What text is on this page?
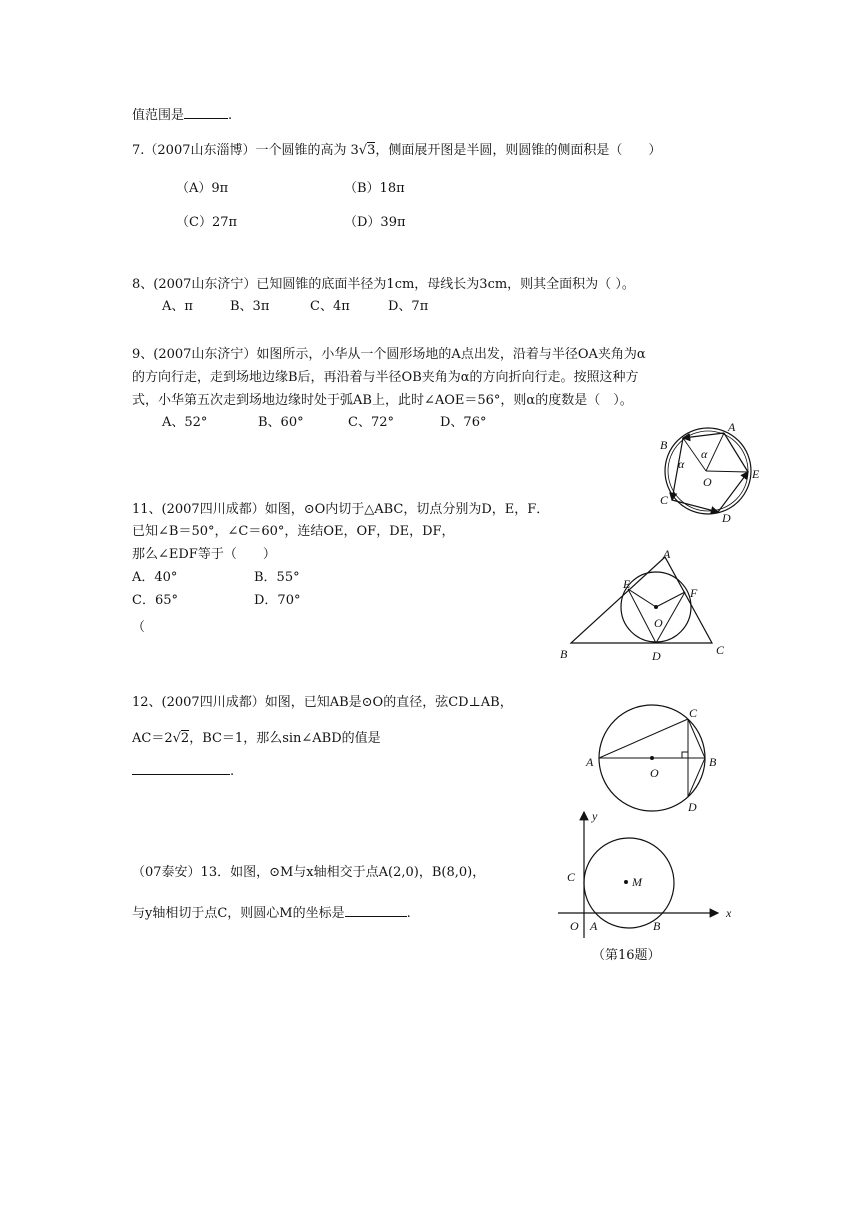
值范围是	.
7.（2007山东淄博）一个圆锥的高为 3√3，侧面展开图是半圆，则圆锥的侧面积是（　　）
（A）9π	（B）18π
（C）27π	（D）39π
8、(2007山东济宁）已知圆锥的底面半径为1cm，母线长为3cm，则其全面积为（ ）。
A、π	B、3π	C、4π	D、7π
9、(2007山东济宁）如图所示，小华从一个圆形场地的A点出发，沿着与半径OA夹角为α
的方向行走，走到场地边缘B后，再沿着与半径OB夹角为α的方向折向行走。按照这种方
式，小华第五次走到场地边缘时处于弧AB上，此时∠AOE＝56°，则α的度数是（　）。
A、52°	B、60°	C、72°	D、76°	A
B
C
D
E
O
α
α
11、(2007四川成都）如图，⊙O内切于△ABC，切点分别为D，E，F．
已知∠B＝50°，∠C＝60°，连结OE，OF，DE，DF，
那么∠EDF等于（　　）
A．40°	B．55°
C．65°	D．70°
（
A
B	C
D
E
F
O
12、(2007四川成都）如图，已知AB是⊙O的直径，弦CD⊥AB，
AC＝2√2，BC＝1，那么sin∠ABD的值是
.
A	B
C
D
O
（07泰安）13．如图，⊙M与x轴相交于点A(2,0)，B(8,0)，
与y轴相切于点C，则圆心M的坐标是	.
y
x
C	M
O A	B
（第16题）
